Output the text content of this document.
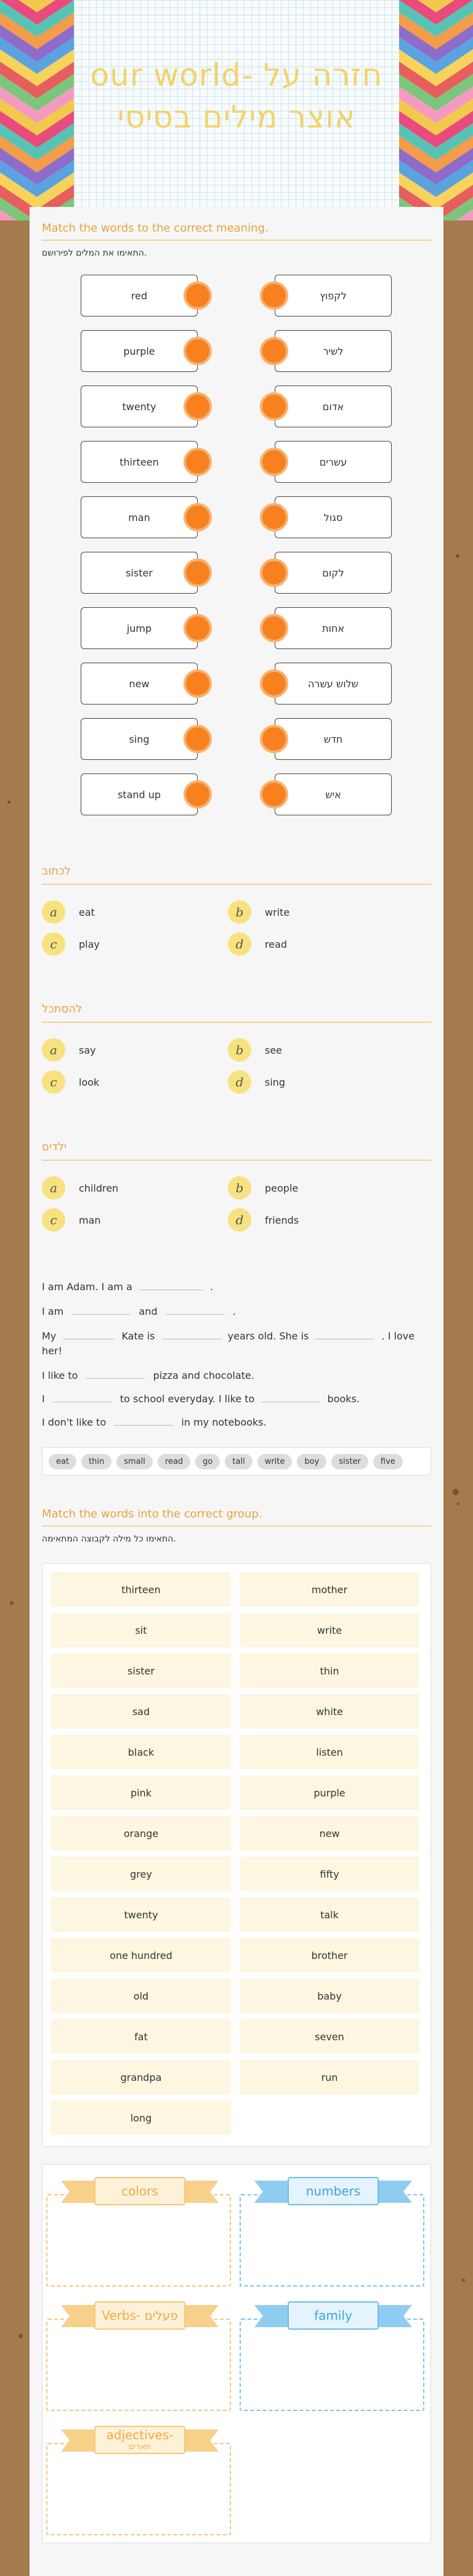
our world- חזרה על
אוצר מילים בסיסי
Match the words to the correct meaning.
התאימו את המלים לפירושם.
red	לקפוץ
purple	לשיר
twenty	אדום
thirteen	עשרים
man	סגול
sister	לקום
jump	אחות
new	שלוש עשרה
sing	חדש
stand up	איש
לכתוב
להסתכל
ילדים
I am Adam. I am a	.
I am	and	.
My	Kate is	years old. She is	. I love
her!
I like to	pizza and chocolate.
I	to school everyday. I like to	books.
I don't like to	in my notebooks.
eat	thin	small	read	go	tall	write	boy	sister	five
Match the words into the correct group.
התאימו כל מילה לקבוצה המתאימה.
thirteen	mother
sit	write
sister	thin
sad	white
black	listen
pink	purple
orange	new
grey	fifty
twenty	talk
one hundred	brother
old	baby
fat	seven
grandpa	run
long
colors	numbers
Verbs- פעלים	family
adjectives-
תארים
a	eat	b	write
c	play	d	read
a	say	b	see
c	look	d	sing
a	children	b	people
c	man	d	friends
